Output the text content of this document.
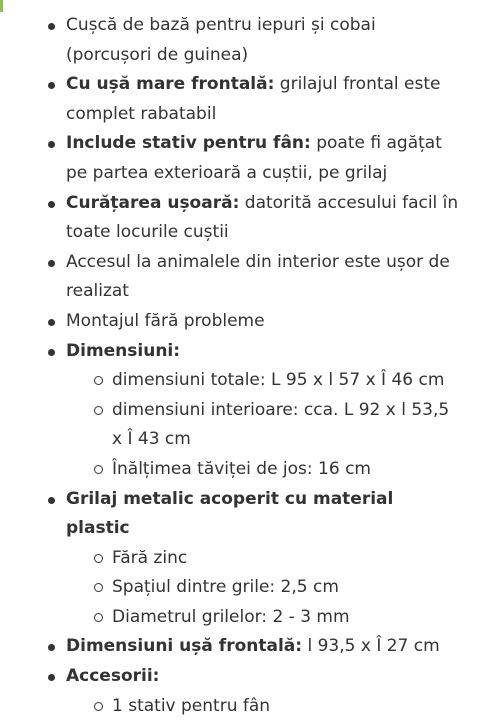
Cușcă de bază pentru iepuri și cobai (porcușori de guinea)
Cu ușă mare frontală: grilajul frontal este complet rabatabil
Include stativ pentru fân: poate fi agățat pe partea exterioară a cuștii, pe grilaj
Curățarea ușoară: datorită accesului facil în toate locurile cuștii
Accesul la animalele din interior este ușor de realizat
Montajul fără probleme
Dimensiuni:
dimensiuni totale: L 95 x l 57 x Î 46 cm
dimensiuni interioare: cca. L 92 x l 53,5 x Î 43 cm
Înălțimea tăviței de jos: 16 cm
Grilaj metalic acoperit cu material plastic
Fără zinc
Spațiul dintre grile: 2,5 cm
Diametrul grilelor: 2 - 3 mm
Dimensiuni ușă frontală: l 93,5 x Î 27 cm
Accesorii:
1 stativ pentru fân
